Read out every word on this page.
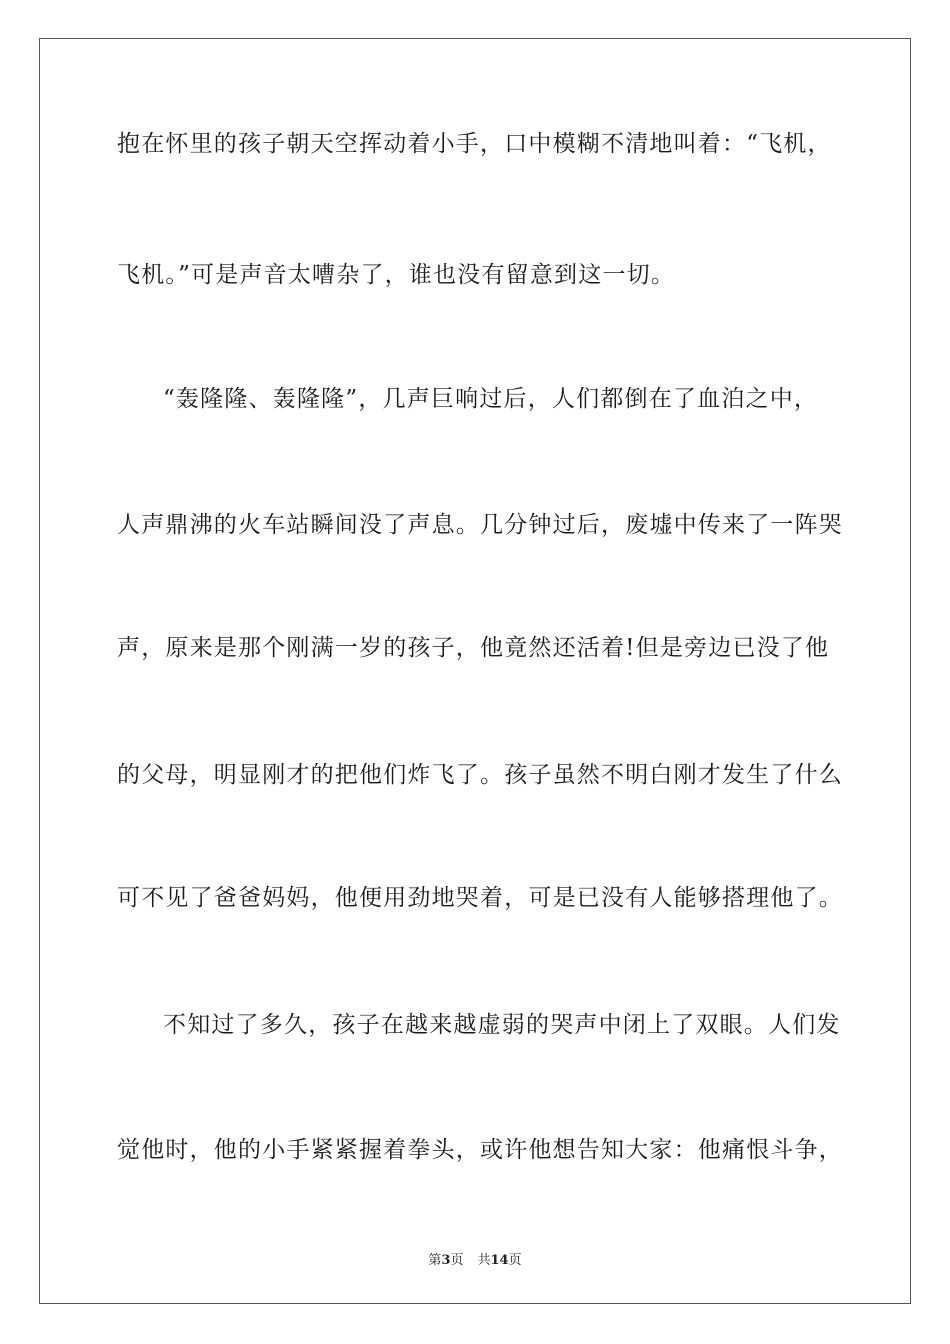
抱在怀里的孩子朝天空挥动着小手，口中模糊不清地叫着：“飞机，
飞机。”可是声音太嘈杂了，谁也没有留意到这一切。
“轰隆隆、轰隆隆”，几声巨响过后，人们都倒在了血泊之中，
人声鼎沸的火车站瞬间没了声息。几分钟过后，废墟中传来了一阵哭
声，原来是那个刚满一岁的孩子，他竟然还活着!但是旁边已没了他
的父母，明显刚才的把他们炸飞了。孩子虽然不明白刚才发生了什么
可不见了爸爸妈妈，他便用劲地哭着，可是已没有人能够搭理他了。
不知过了多久，孩子在越来越虚弱的哭声中闭上了双眼。人们发
觉他时，他的小手紧紧握着拳头，或许他想告知大家：他痛恨斗争，
第3页 共14页
